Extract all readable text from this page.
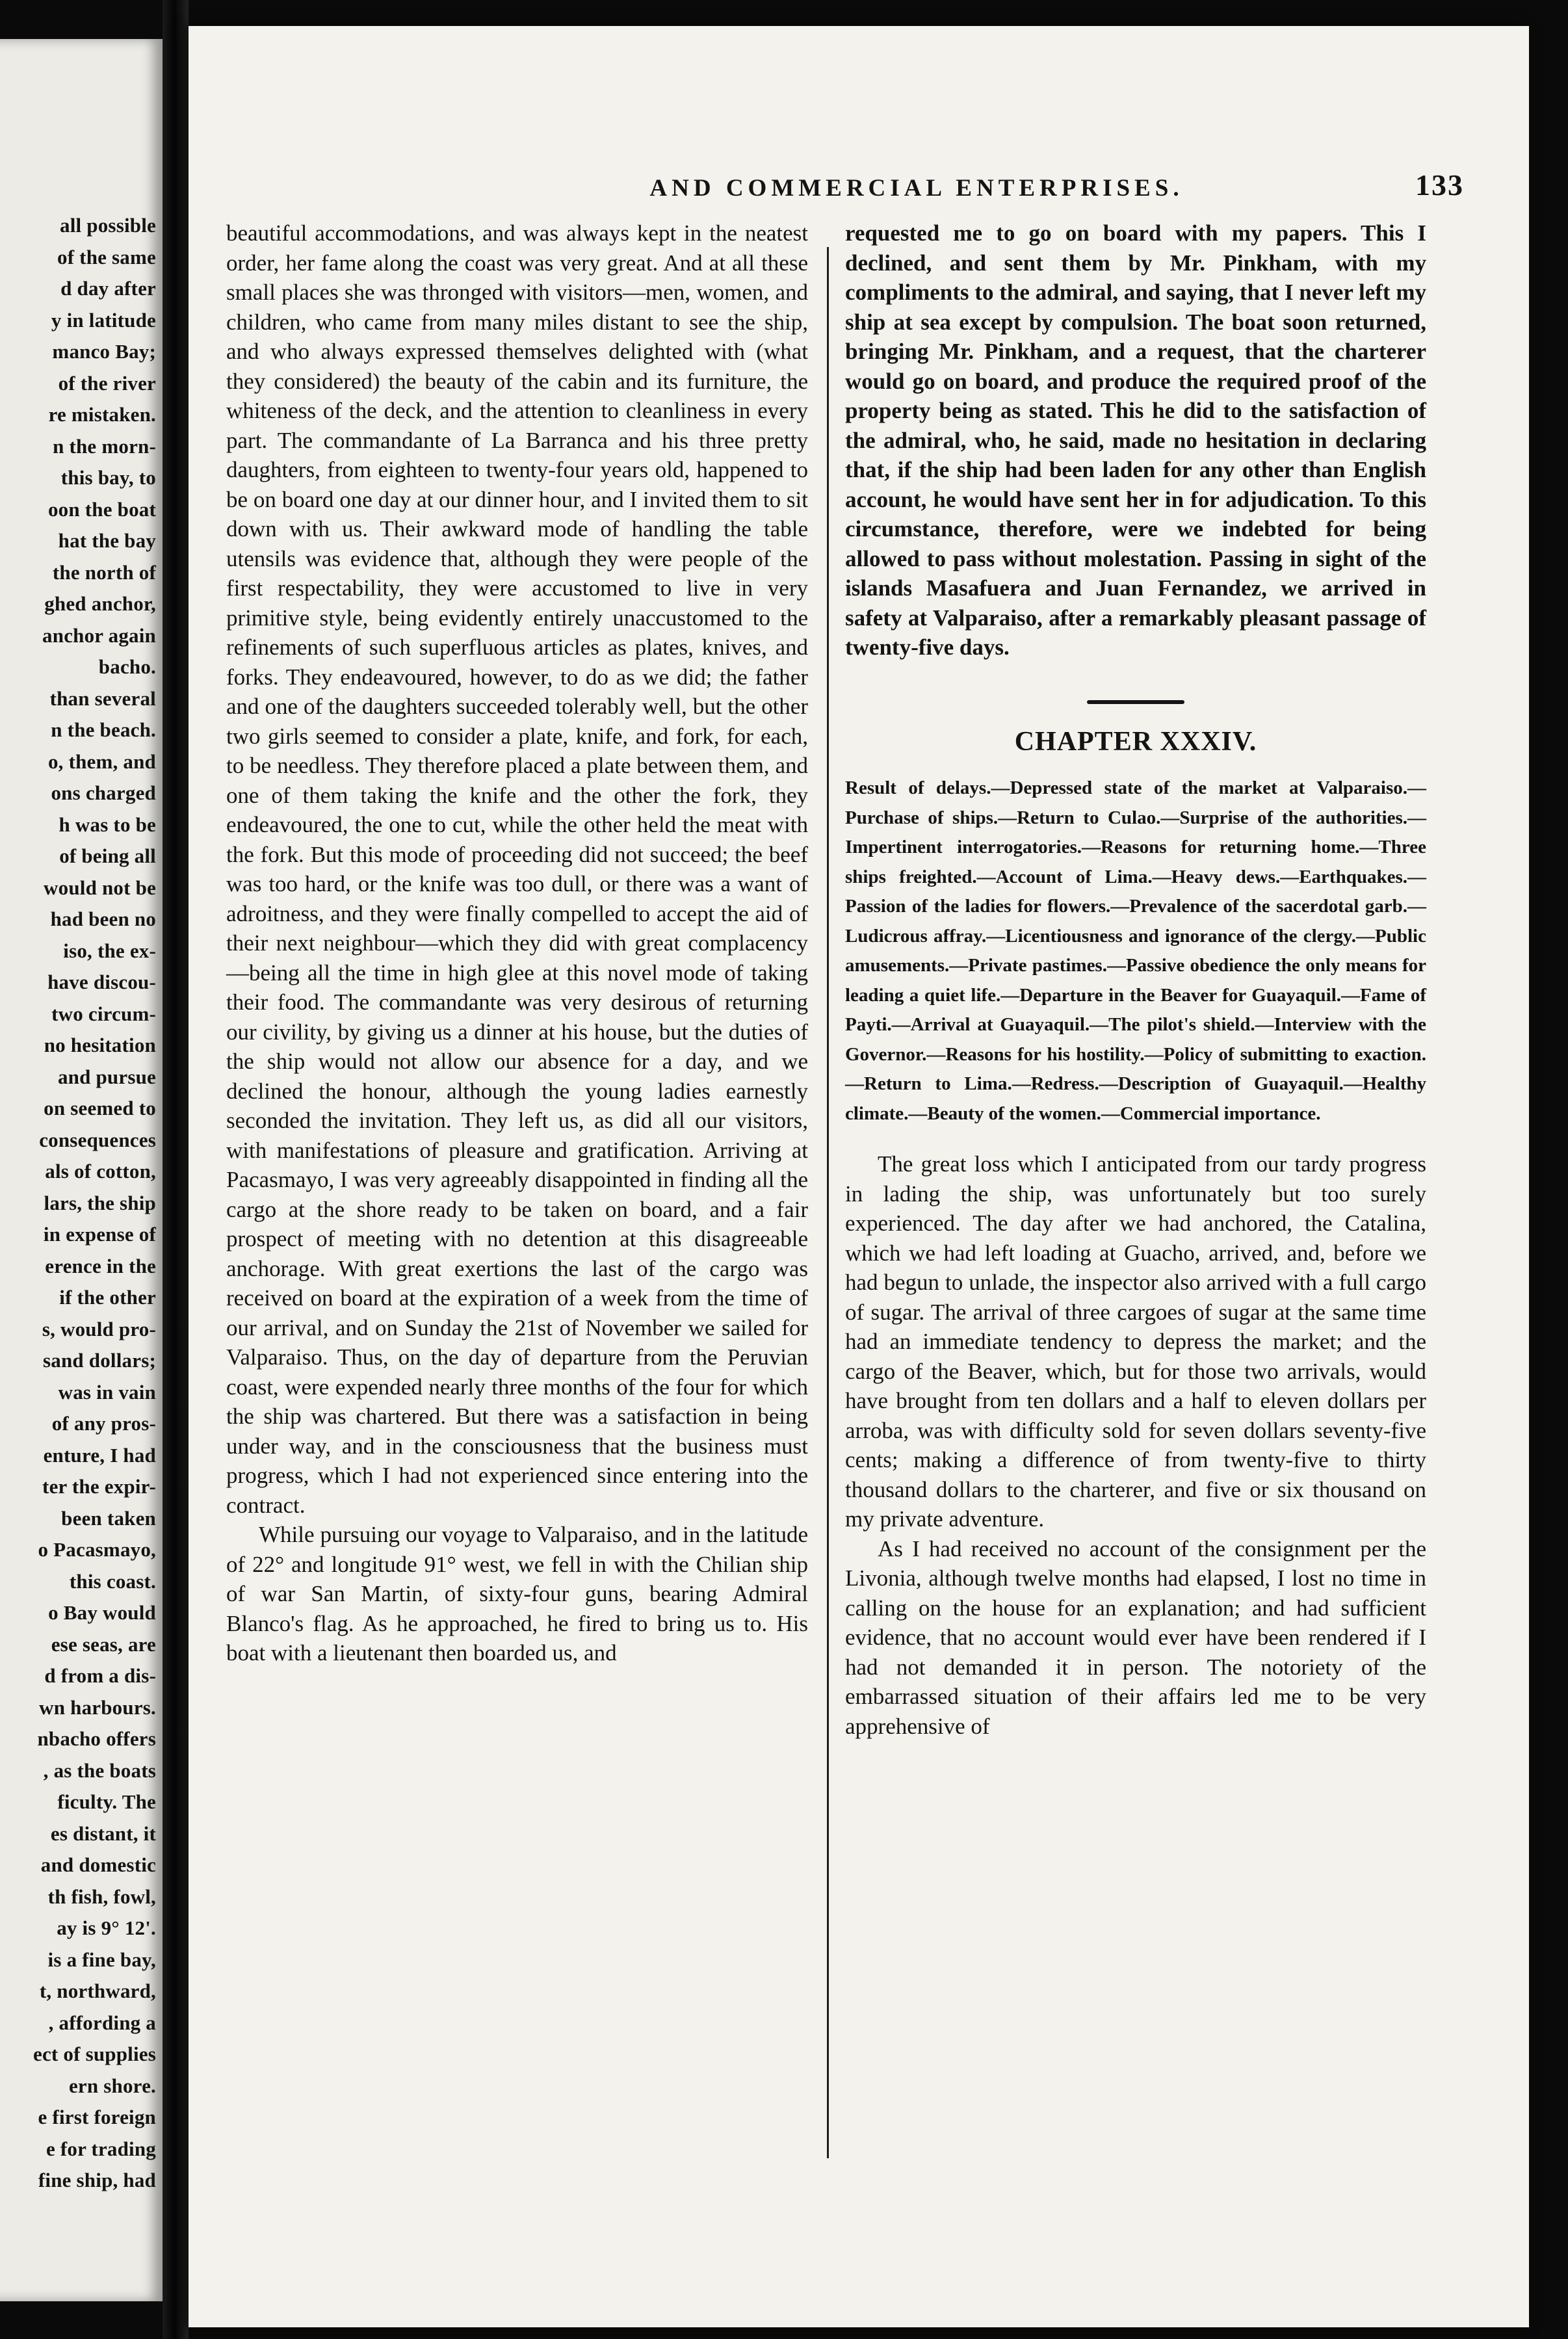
all possible
of the same
d day after
y in latitude
manco Bay;
of the river
re mistaken.
n the morn-
this bay, to
oon the boat
hat the bay
the north of
ghed anchor,
anchor again
bacho.
than several
n the beach.
o, them, and
ons charged
h was to be
of being all
would not be
had been no
iso, the ex-
have discou-
two circum-
no hesitation
and pursue
on seemed to
consequences
als of cotton,
lars, the ship
in expense of
erence in the
if the other
s, would pro-
sand dollars;
was in vain
of any pros-
enture, I had
ter the expir-
been taken
o Pacasmayo,
this coast.
o Bay would
ese seas, are
d from a dis-
wn harbours.
nbacho offers
, as the boats
ficulty. The
es distant, it
and domestic
th fish, fowl,
ay is 9° 12'.
is a fine bay,
t, northward,
, affording a
ect of supplies
ern shore.
e first foreign
e for trading
fine ship, had
AND COMMERCIAL ENTERPRISES.	133

beautiful accommodations, and was always kept in the neatest order, her fame along the coast was very great. And at all these small places she was thronged with visitors—men, women, and children, who came from many miles distant to see the ship, and who always expressed themselves delighted with (what they considered) the beauty of the cabin and its furniture, the whiteness of the deck, and the attention to cleanliness in every part. The commandante of La Barranca and his three pretty daughters, from eighteen to twenty-four years old, happened to be on board one day at our dinner hour, and I invited them to sit down with us. Their awkward mode of handling the table utensils was evidence that, although they were people of the first respectability, they were accustomed to live in very primitive style, being evidently entirely unaccustomed to the refinements of such superfluous articles as plates, knives, and forks. They endeavoured, however, to do as we did; the father and one of the daughters succeeded tolerably well, but the other two girls seemed to consider a plate, knife, and fork, for each, to be needless. They therefore placed a plate between them, and one of them taking the knife and the other the fork, they endeavoured, the one to cut, while the other held the meat with the fork. But this mode of proceeding did not succeed; the beef was too hard, or the knife was too dull, or there was a want of adroitness, and they were finally compelled to accept the aid of their next neighbour—which they did with great complacency—being all the time in high glee at this novel mode of taking their food. The commandante was very desirous of returning our civility, by giving us a dinner at his house, but the duties of the ship would not allow our absence for a day, and we declined the honour, although the young ladies earnestly seconded the invitation. They left us, as did all our visitors, with manifestations of pleasure and gratification. Arriving at Pacasmayo, I was very agreeably disappointed in finding all the cargo at the shore ready to be taken on board, and a fair prospect of meeting with no detention at this disagreeable anchorage. With great exertions the last of the cargo was received on board at the expiration of a week from the time of our arrival, and on Sunday the 21st of November we sailed for Valparaiso. Thus, on the day of departure from the Peruvian coast, were expended nearly three months of the four for which the ship was chartered. But there was a satisfaction in being under way, and in the consciousness that the business must progress, which I had not experienced since entering into the contract.

While pursuing our voyage to Valparaiso, and in the latitude of 22° and longitude 91° west, we fell in with the Chilian ship of war San Martin, of sixty-four guns, bearing Admiral Blanco's flag. As he approached, he fired to bring us to. His boat with a lieutenant then boarded us, and

requested me to go on board with my papers. This I declined, and sent them by Mr. Pinkham, with my compliments to the admiral, and saying, that I never left my ship at sea except by compulsion. The boat soon returned, bringing Mr. Pinkham, and a request, that the charterer would go on board, and produce the required proof of the property being as stated. This he did to the satisfaction of the admiral, who, he said, made no hesitation in declaring that, if the ship had been laden for any other than English account, he would have sent her in for adjudication. To this circumstance, therefore, were we indebted for being allowed to pass without molestation. Passing in sight of the islands Masafuera and Juan Fernandez, we arrived in safety at Valparaiso, after a remarkably pleasant passage of twenty-five days.

CHAPTER XXXIV.
Result of delays.—Depressed state of the market at Valparaiso.—Purchase of ships.—Return to Culao.—Surprise of the authorities.—Impertinent interrogatories.—Reasons for returning home.—Three ships freighted.—Account of Lima.—Heavy dews.—Earthquakes.—Passion of the ladies for flowers.—Prevalence of the sacerdotal garb.—Ludicrous affray.—Licentiousness and ignorance of the clergy.—Public amusements.—Private pastimes.—Passive obedience the only means for leading a quiet life.—Departure in the Beaver for Guayaquil.—Fame of Payti.—Arrival at Guayaquil.—The pilot's shield.—Interview with the Governor.—Reasons for his hostility.—Policy of submitting to exaction.—Return to Lima.—Redress.—Description of Guayaquil.—Healthy climate.—Beauty of the women.—Commercial importance.

The great loss which I anticipated from our tardy progress in lading the ship, was unfortunately but too surely experienced. The day after we had anchored, the Catalina, which we had left loading at Guacho, arrived, and, before we had begun to unlade, the inspector also arrived with a full cargo of sugar. The arrival of three cargoes of sugar at the same time had an immediate tendency to depress the market; and the cargo of the Beaver, which, but for those two arrivals, would have brought from ten dollars and a half to eleven dollars per arroba, was with difficulty sold for seven dollars seventy-five cents; making a difference of from twenty-five to thirty thousand dollars to the charterer, and five or six thousand on my private adventure.

As I had received no account of the consignment per the Livonia, although twelve months had elapsed, I lost no time in calling on the house for an explanation; and had sufficient evidence, that no account would ever have been rendered if I had not demanded it in person. The notoriety of the embarrassed situation of their affairs led me to be very apprehensive of
